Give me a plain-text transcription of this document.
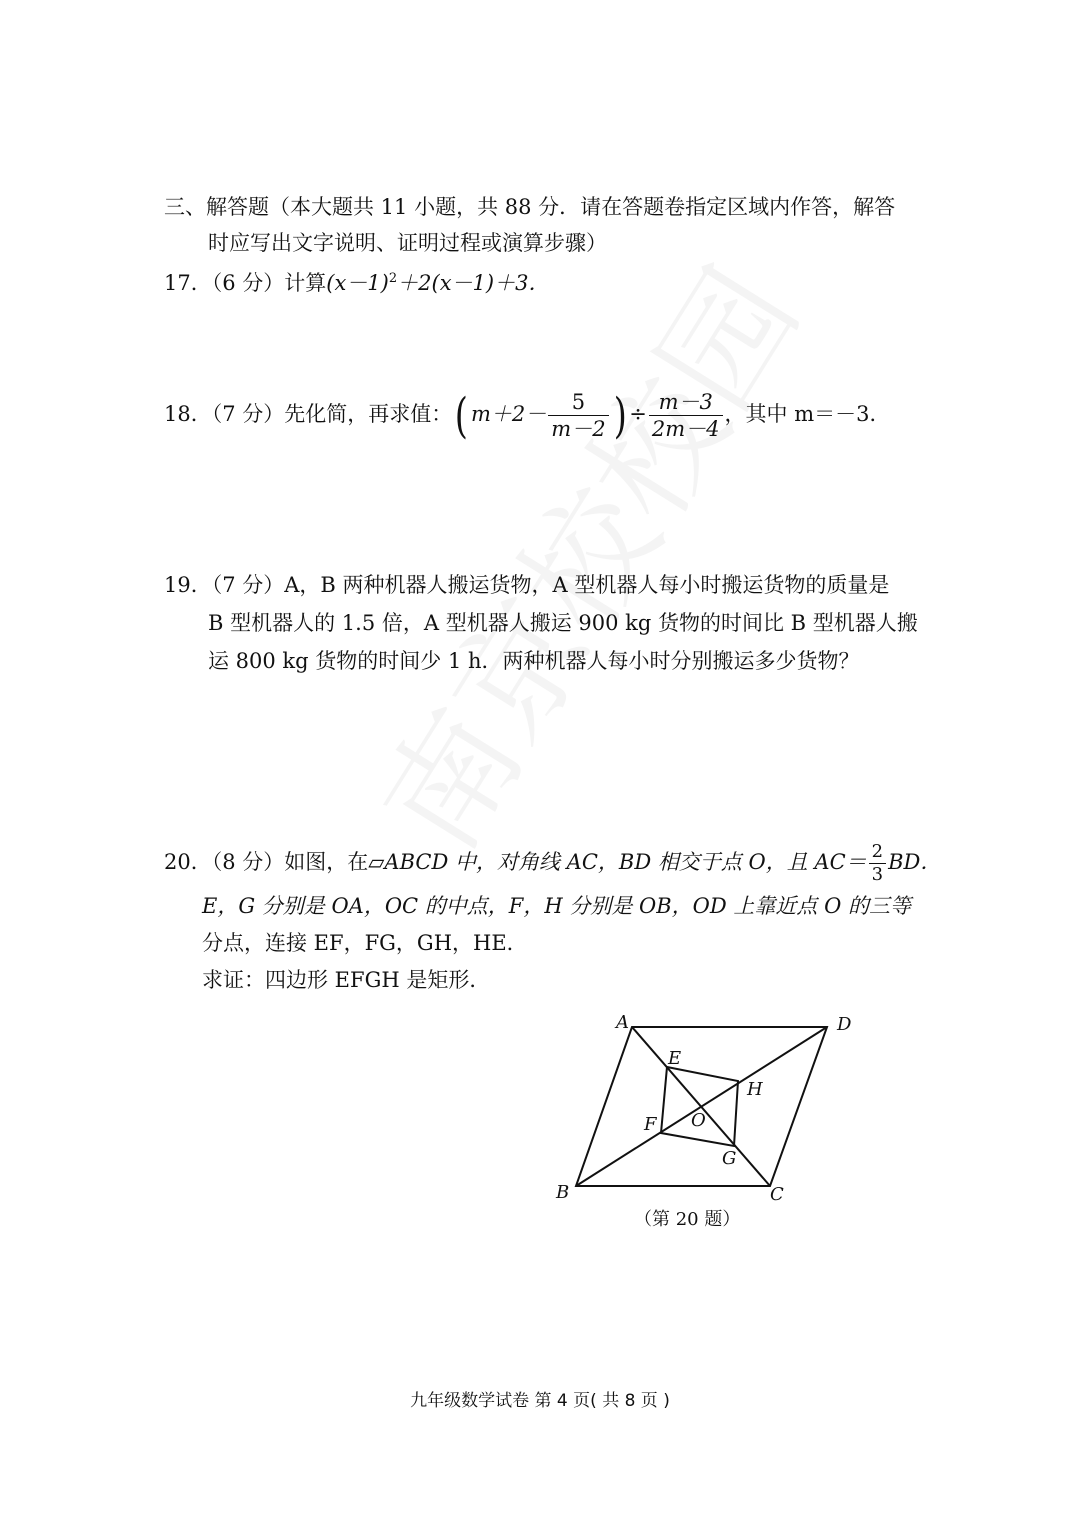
三、解答题（本大题共 11 小题，共 88 分．请在答题卷指定区域内作答，解答
时应写出文字说明、证明过程或演算步骤）
17．（6 分）计算$(x-1)^2+2(x-1)+3$．
18．（7 分）先化简，再求值：( $m+2- \frac{5}{m-2}$ ) ÷ $\frac{m-3}{2m-4}$ ，其中 m＝－3．
19．（7 分）A，B 两种机器人搬运货物，A 型机器人每小时搬运货物的质量是
B 型机器人的 1.5 倍，A 型机器人搬运 900 kg 货物的时间比 B 型机器人搬
运 800 kg 货物的时间少 1 h．两种机器人每小时分别搬运多少货物？
20．（8 分）如图，在▱ABCD 中，对角线 AC，BD 相交于点 O，且 $AC= \frac{2}{3}$ BD．
E，G 分别是 OA，OC 的中点，F，H 分别是 OB，OD 上靠近点 O 的三等
分点，连接 EF，FG，GH，HE．
求证：四边形 EFGH 是矩形．
A	D
B	C
E
H
F O
G
（第 20 题）
九年级数学试卷 第 4 页( 共 8 页 )
